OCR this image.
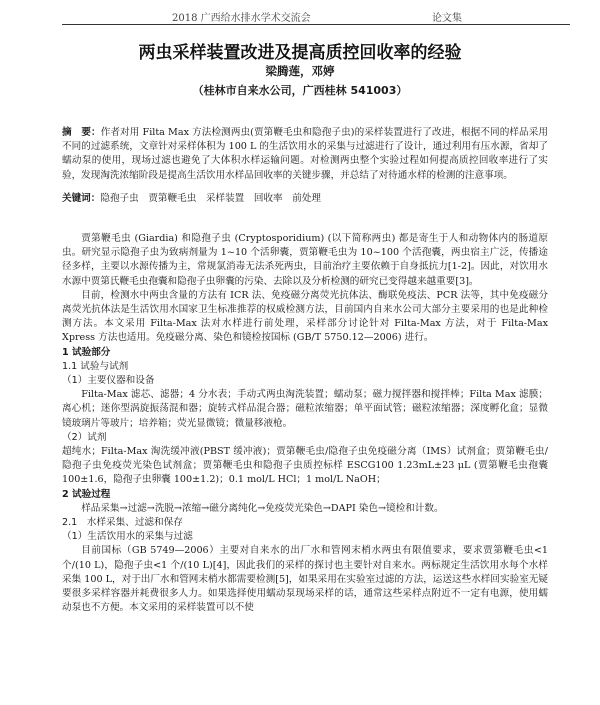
2018 广西给水排水学术交流会	论文集
两虫采样装置改进及提高质控回收率的经验
梁腾莲，邓婷
（桂林市自来水公司，广西桂林 541003）

摘　要：作者对用 Filta Max 方法检测两虫(贾第鞭毛虫和隐孢子虫)的采样装置进行了改进，根据不同的样品采用不同的过滤系统，文章针对采样体积为 100 L 的生活饮用水的采集与过滤进行了设计，通过利用有压水源，省却了蠕动泵的使用，现场过滤也避免了大体积水样运输问题。对检测两虫整个实验过程如何提高质控回收率进行了实验，发现淘洗浓缩阶段是提高生活饮用水样品回收率的关键步骤，并总结了对待通水样的检测的注意事项。

关键词：隐孢子虫　贾第鞭毛虫　采样装置　回收率　前处理

贾第鞭毛虫 (Giardia) 和隐孢子虫 (Cryptosporidium) (以下简称两虫) 都是寄生于人和动物体内的肠道原虫。研究显示隐孢子虫为致病剂量为 1~10 个活卵囊，贾第鞭毛虫为 10~100 个活孢囊，两虫宿主广泛，传播途径多样，主要以水源传播为主，常规氯消毒无法杀死两虫，目前治疗主要依赖于自身抵抗力[1-2]。因此，对饮用水水源中贾第氏鞭毛虫孢囊和隐孢子虫卵囊的污染、去除以及分析检测的研究已变得越来越重要[3]。

目前，检测水中两虫含量的方法有 ICR 法、免疫磁分离荧光抗体法、酶联免疫法、PCR 法等，其中免疫磁分离荧光抗体法是生活饮用水国家卫生标准推荐的权威检测方法，目前国内自来水公司大部分主要采用的也是此种检测方法。本文采用 Filta-Max 法对水样进行前处理，采样部分讨论针对 Filta-Max 方法，对于 Filta-Max Xpress 方法也适用。免疫磁分离、染色和镜检按国标 (GB/T 5750.12—2006) 进行。

1 试验部分

1.1 试验与试剂

（1）主要仪器和设备

Filta-Max 滤芯、滤器；4 分水表；手动式两虫淘洗装置；蠕动泵；磁力搅拌器和搅拌棒；Filta Max 滤膜；离心机；迷你型涡旋振荡混和器；旋转式样品混合器；磁粒浓缩器；单平面试管；磁粒浓缩器；深度孵化盒；显微镜玻璃片等玻片；培养箱；荧光显微镜；微量移液枪。

（2）试剂

超纯水；Filta-Max 淘洗缓冲液(PBST 缓冲液)；贾第鞭毛虫/隐孢子虫免疫磁分离（IMS）试剂盒；贾第鞭毛虫/隐孢子虫免疫荧光染色试剂盒；贾第鞭毛虫和隐孢子虫质控标样 ESCG100 1.23mL±23 μL (贾第鞭毛虫孢囊 100±1.6，隐孢子虫卵囊 100±1.2)；0.1 mol/L HCl；1 mol/L NaOH；

2 试验过程

样品采集→过滤→洗脱→浓缩→磁分离纯化→免疫荧光染色→DAPI 染色→镜检和计数。

2.1　水样采集、过滤和保存

（1）生活饮用水的采集与过滤

目前国标（GB 5749—2006）主要对自来水的出厂水和管网末梢水两虫有限值要求，要求贾第鞭毛虫<1 个/(10 L)，隐孢子虫<1 个/(10 L)[4]，因此我们的采样的探讨也主要针对自来水。两标规定生活饮用水每个水样采集 100 L，对于出厂水和管网末梢水都需要检测[5]，如果采用在实验室过滤的方法，运送这些水样回实验室无疑要很多采样容器并耗费很多人力。如果选择使用蠕动泵现场采样的话，通常这些采样点附近不一定有电源，使用蠕动泵也不方便。本文采用的采样装置可以不使
